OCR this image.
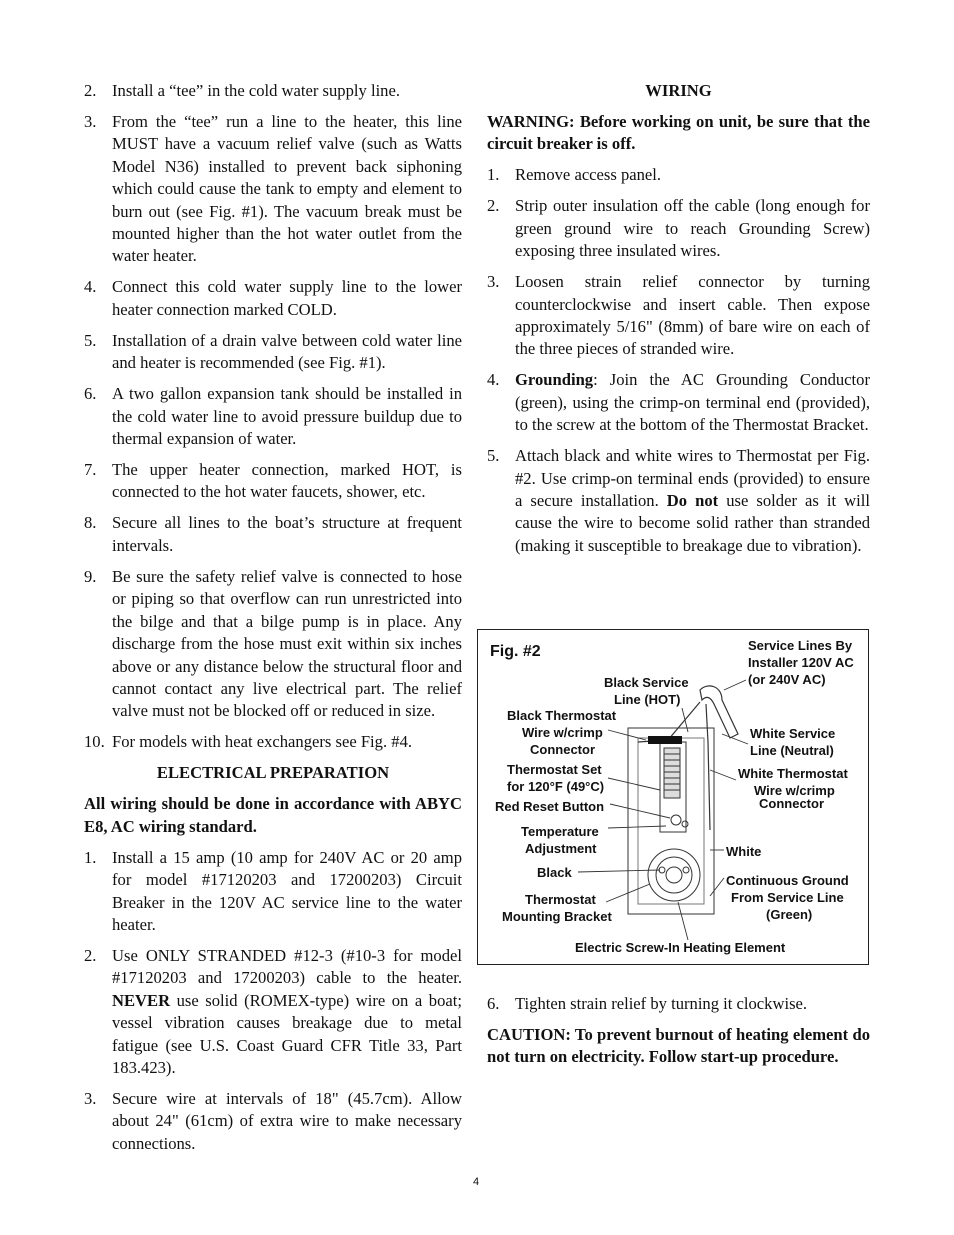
2. Install a “tee” in the cold water supply line.
3. From the “tee” run a line to the heater, this line MUST have a vacuum relief valve (such as Watts Model N36) installed to prevent back siphoning which could cause the tank to empty and element to burn out (see Fig. #1). The vacuum break must be mounted higher than the hot water outlet from the water heater.
4. Connect this cold water supply line to the lower heater connection marked COLD.
5. Installation of a drain valve between cold water line and heater is recommended (see Fig. #1).
6. A two gallon expansion tank should be installed in the cold water line to avoid pressure buildup due to thermal expansion of water.
7. The upper heater connection, marked HOT, is connected to the hot water faucets, shower, etc.
8. Secure all lines to the boat’s structure at frequent intervals.
9. Be sure the safety relief valve is connected to hose or piping so that overflow can run unrestricted into the bilge and that a bilge pump is in place. Any discharge from the hose must exit within six inches above or any distance below the structural floor and cannot contact any live electrical part. The relief valve must not be blocked off or reduced in size.
10. For models with heat exchangers see Fig. #4.
ELECTRICAL PREPARATION
All wiring should be done in accordance with ABYC E8, AC wiring standard.
1. Install a 15 amp (10 amp for 240V AC or 20 amp for model #17120203 and 17200203) Circuit Breaker in the 120V AC service line to the water heater.
2. Use ONLY STRANDED #12-3 (#10-3 for model #17120203 and 17200203) cable to the heater. NEVER use solid (ROMEX-type) wire on a boat; vessel vibration causes breakage due to metal fatigue (see U.S. Coast Guard CFR Title 33, Part 183.423).
3. Secure wire at intervals of 18" (45.7cm). Allow about 24" (61cm) of extra wire to make necessary connections.
WIRING
WARNING: Before working on unit, be sure that the circuit breaker is off.
1. Remove access panel.
2. Strip outer insulation off the cable (long enough for green ground wire to reach Grounding Screw) exposing three insulated wires.
3. Loosen strain relief connector by turning counterclockwise and insert cable. Then expose approximately 5/16" (8mm) of bare wire on each of the three pieces of stranded wire.
4. Grounding: Join the AC Grounding Conductor (green), using the crimp-on terminal end (provided), to the screw at the bottom of the Thermostat Bracket.
5. Attach black and white wires to Thermostat per Fig. #2. Use crimp-on terminal ends (provided) to ensure a secure installation. Do not use solder as it will cause the wire to become solid rather than stranded (making it susceptible to breakage due to vibration).
Fig. #2	Service Lines By
Installer 120V AC
(or 240V AC)
Black Service
Line (HOT)
Black Thermostat
Wire w/crimp
Connector
White Service
Line (Neutral)
Thermostat Set
for 120°F (49°C)
White Thermostat
Wire w/crimp
Connector
Red Reset Button
Temperature
Adjustment	White
Black
Continuous Ground
From Service Line
(Green)
Thermostat
Mounting Bracket
Electric Screw-In Heating Element
6. Tighten strain relief by turning it clockwise.
CAUTION: To prevent burnout of heating element do not turn on electricity. Follow start-up procedure.
4
